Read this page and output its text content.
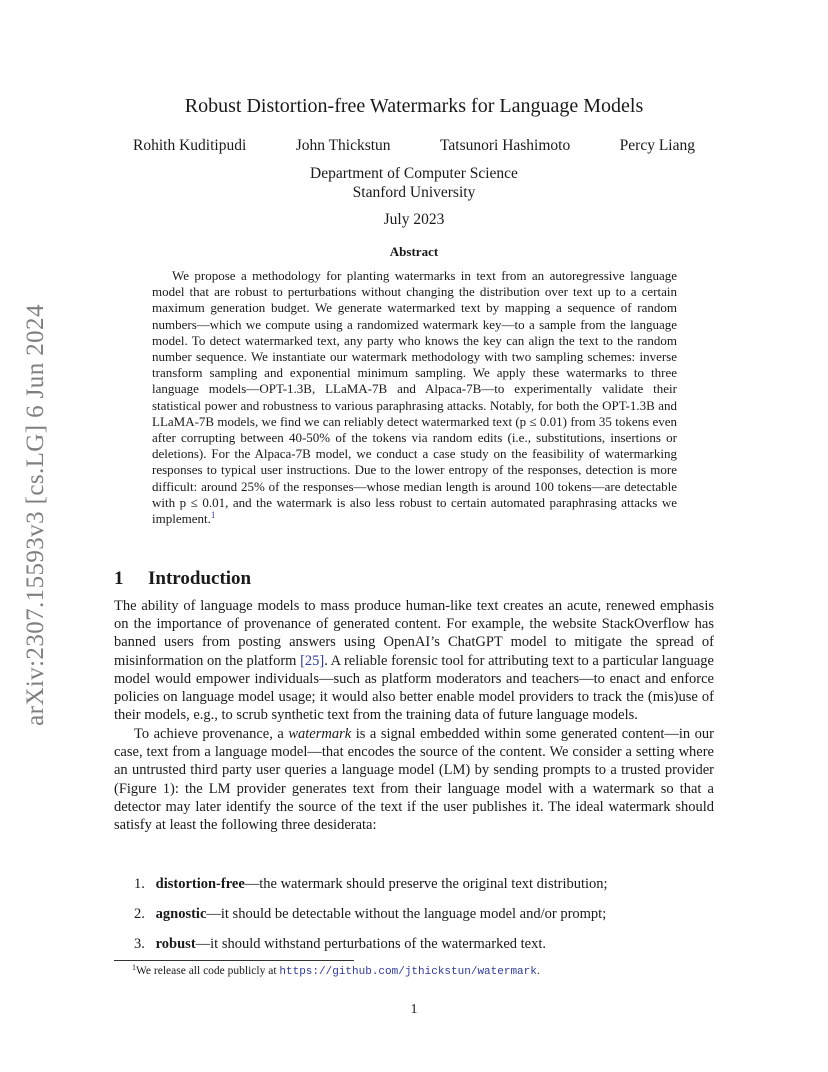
arXiv:2307.15593v3 [cs.LG] 6 Jun 2024
Robust Distortion-free Watermarks for Language Models
Rohith Kuditipudi	John Thickstun	Tatsunori Hashimoto	Percy Liang
Department of Computer Science
Stanford University
July 2023
Abstract

We propose a methodology for planting watermarks in text from an autoregressive language model that are robust to perturbations without changing the distribution over text up to a certain maximum generation budget. We generate watermarked text by mapping a sequence of random numbers—which we compute using a randomized watermark key—to a sample from the language model. To detect watermarked text, any party who knows the key can align the text to the random number sequence. We instantiate our watermark methodology with two sampling schemes: inverse transform sampling and exponential minimum sampling. We apply these watermarks to three language models—OPT-1.3B, LLaMA-7B and Alpaca-7B—to experimentally validate their statistical power and robustness to various paraphrasing attacks. Notably, for both the OPT-1.3B and LLaMA-7B models, we find we can reliably detect watermarked text (p ≤ 0.01) from 35 tokens even after corrupting between 40-50% of the tokens via random edits (i.e., substitutions, insertions or deletions). For the Alpaca-7B model, we conduct a case study on the feasibility of watermarking responses to typical user instructions. Due to the lower entropy of the responses, detection is more difficult: around 25% of the responses—whose median length is around 100 tokens—are detectable with p ≤ 0.01, and the watermark is also less robust to certain automated paraphrasing attacks we implement.$^1$

1 Introduction

The ability of language models to mass produce human-like text creates an acute, renewed emphasis on the importance of provenance of generated content. For example, the website StackOverflow has banned users from posting answers using OpenAI’s ChatGPT model to mitigate the spread of misinformation on the platform [25]. A reliable forensic tool for attributing text to a particular language model would empower individuals—such as platform moderators and teachers—to enact and enforce policies on language model usage; it would also better enable model providers to track the (mis)use of their models, e.g., to scrub synthetic text from the training data of future language models.

To achieve provenance, a watermark is a signal embedded within some generated content—in our case, text from a language model—that encodes the source of the content. We consider a setting where an untrusted third party user queries a language model (LM) by sending prompts to a trusted provider (Figure 1): the LM provider generates text from their language model with a watermark so that a detector may later identify the source of the text if the user publishes it. The ideal watermark should satisfy at least the following three desiderata:

1. distortion-free—the watermark should preserve the original text distribution;
2. agnostic—it should be detectable without the language model and/or prompt;
3. robust—it should withstand perturbations of the watermarked text.
$^1$We release all code publicly at https://github.com/jthickstun/watermark.
1
